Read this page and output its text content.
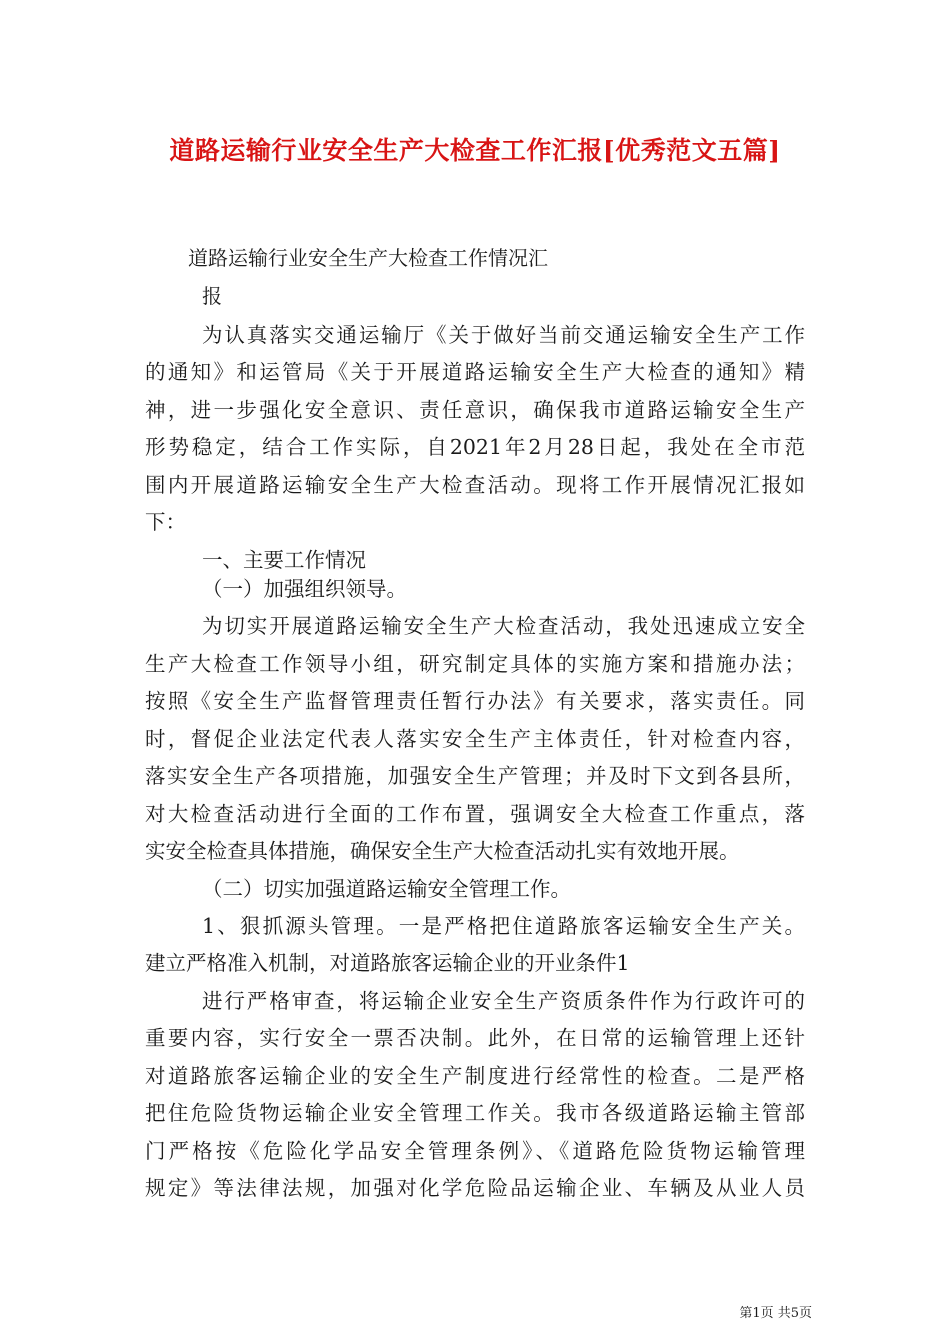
道路运输行业安全生产大检查工作汇报[优秀范文五篇]
道路运输行业安全生产大检查工作情况汇
报
为认真落实交通运输厅《关于做好当前交通运输安全生产工作
的通知》和运管局《关于开展道路运输安全生产大检查的通知》精
神，进一步强化安全意识、责任意识，确保我市道路运输安全生产
形势稳定，结合工作实际，自2021年2月28日起，我处在全市范
围内开展道路运输安全生产大检查活动。现将工作开展情况汇报如
下：
一、主要工作情况
（一）加强组织领导。
为切实开展道路运输安全生产大检查活动，我处迅速成立安全
生产大检查工作领导小组，研究制定具体的实施方案和措施办法；
按照《安全生产监督管理责任暂行办法》有关要求，落实责任。同
时，督促企业法定代表人落实安全生产主体责任，针对检查内容，
落实安全生产各项措施，加强安全生产管理；并及时下文到各县所，
对大检查活动进行全面的工作布置，强调安全大检查工作重点，落
实安全检查具体措施，确保安全生产大检查活动扎实有效地开展。
（二）切实加强道路运输安全管理工作。
1、狠抓源头管理。一是严格把住道路旅客运输安全生产关。
建立严格准入机制，对道路旅客运输企业的开业条件1
进行严格审查，将运输企业安全生产资质条件作为行政许可的
重要内容，实行安全一票否决制。此外，在日常的运输管理上还针
对道路旅客运输企业的安全生产制度进行经常性的检查。二是严格
把住危险货物运输企业安全管理工作关。我市各级道路运输主管部
门严格按《危险化学品安全管理条例》、《道路危险货物运输管理
规定》等法律法规，加强对化学危险品运输企业、车辆及从业人员
第1页 共5页
